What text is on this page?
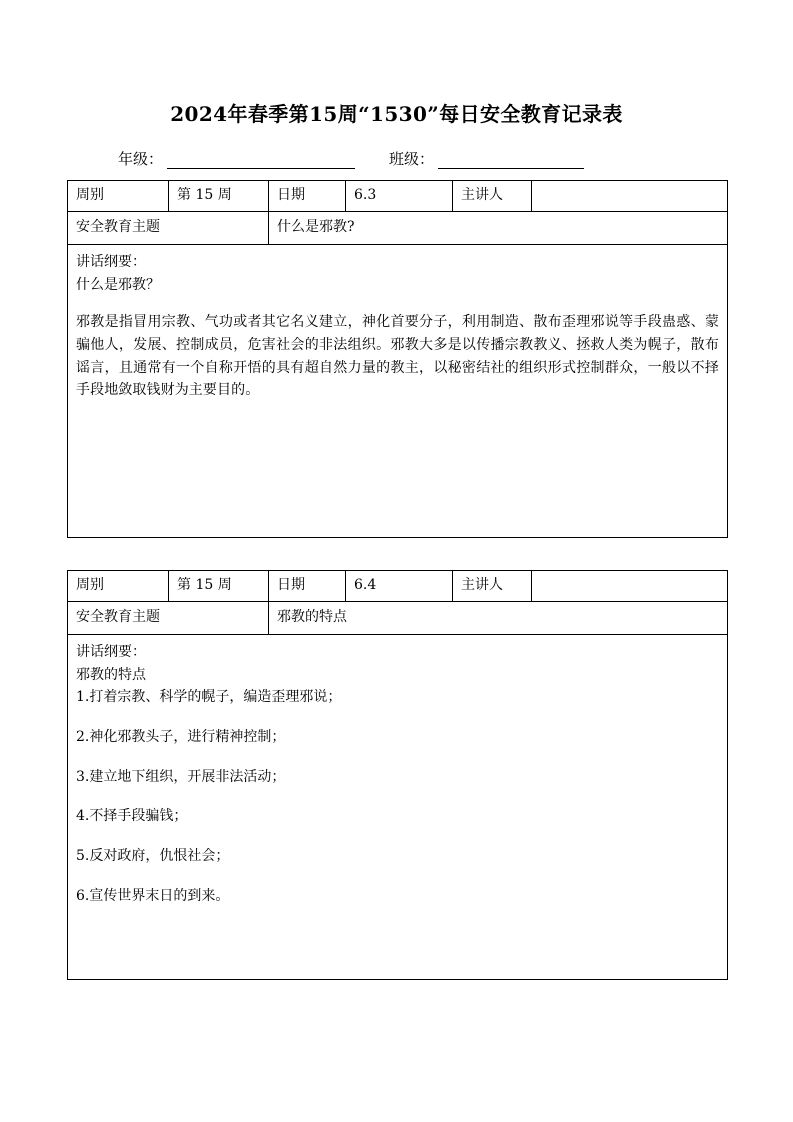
2024年春季第15周“1530”每日安全教育记录表
年级：	班级：
周别	第 15 周	日期	6.3	主讲人	
安全教育主题		什么是邪教?			

讲话纲要：
什么是邪教？

邪教是指冒用宗教、气功或者其它名义建立，神化首要分子，利用制造、散布歪理邪说等手段蛊惑、蒙骗他人，发展、控制成员，危害社会的非法组织。邪教大多是以传播宗教教义、拯救人类为幌子，散布谣言，且通常有一个自称开悟的具有超自然力量的教主，以秘密结社的组织形式控制群众，一般以不择手段地敛取钱财为主要目的。					

周别	第 15 周	日期	6.4	主讲人	
安全教育主题		邪教的特点			

讲话纲要：
邪教的特点
1.打着宗教、科学的幌子，编造歪理邪说；
2.神化邪教头子，进行精神控制；
3.建立地下组织，开展非法活动；
4.不择手段骗钱；
5.反对政府，仇恨社会；
6.宣传世界末日的到来。
